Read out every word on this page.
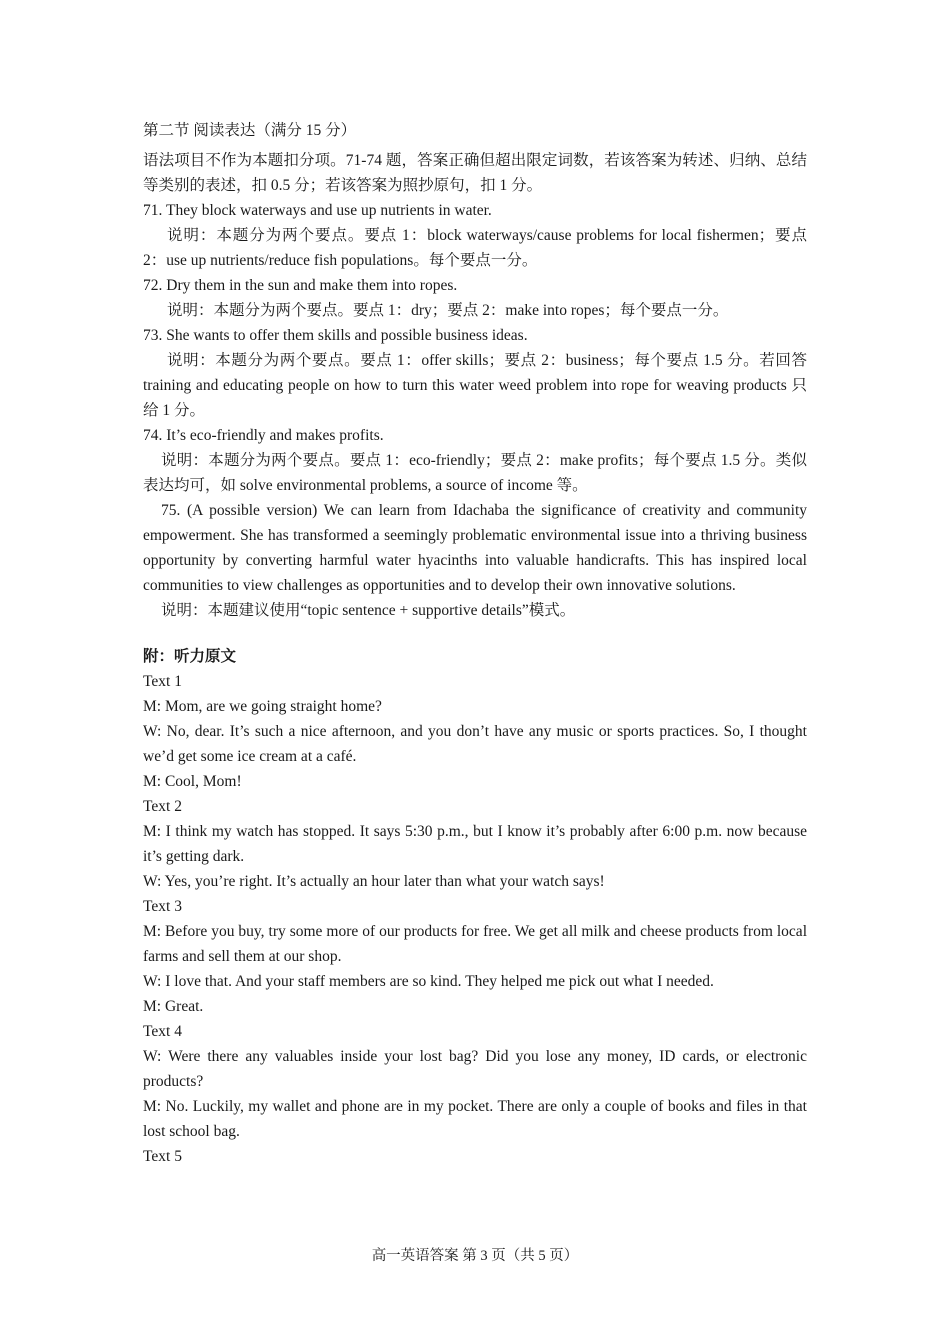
第二节 阅读表达（满分 15 分）

语法项目不作为本题扣分项。71-74 题，答案正确但超出限定词数，若该答案为转述、归纳、总结等类别的表述，扣 0.5 分；若该答案为照抄原句，扣 1 分。

71. They block waterways and use up nutrients in water.

说明：本题分为两个要点。要点 1：block waterways/cause problems for local fishermen；要点 2：use up nutrients/reduce fish populations。每个要点一分。

72. Dry them in the sun and make them into ropes.

说明：本题分为两个要点。要点 1：dry；要点 2：make into ropes；每个要点一分。

73. She wants to offer them skills and possible business ideas.

说明：本题分为两个要点。要点 1：offer skills；要点 2：business；每个要点 1.5 分。若回答 training and educating people on how to turn this water weed problem into rope for weaving products 只给 1 分。

74. It’s eco-friendly and makes profits.

说明：本题分为两个要点。要点 1：eco-friendly；要点 2：make profits；每个要点 1.5 分。类似表达均可，如 solve environmental problems, a source of income 等。

75. (A possible version) We can learn from Idachaba the significance of creativity and community empowerment. She has transformed a seemingly problematic environmental issue into a thriving business opportunity by converting harmful water hyacinths into valuable handicrafts. This has inspired local communities to view challenges as opportunities and to develop their own innovative solutions.

说明：本题建议使用“topic sentence + supportive details”模式。

附：听力原文

Text 1

M: Mom, are we going straight home?

W: No, dear. It’s such a nice afternoon, and you don’t have any music or sports practices. So, I thought we’d get some ice cream at a café.

M: Cool, Mom!

Text 2

M: I think my watch has stopped. It says 5:30 p.m., but I know it’s probably after 6:00 p.m. now because it’s getting dark.

W: Yes, you’re right. It’s actually an hour later than what your watch says!

Text 3

M: Before you buy, try some more of our products for free. We get all milk and cheese products from local farms and sell them at our shop.

W: I love that. And your staff members are so kind. They helped me pick out what I needed.

M: Great.

Text 4

W: Were there any valuables inside your lost bag? Did you lose any money, ID cards, or electronic products?

M: No. Luckily, my wallet and phone are in my pocket. There are only a couple of books and files in that lost school bag.

Text 5

高一英语答案 第 3 页（共 5 页）
